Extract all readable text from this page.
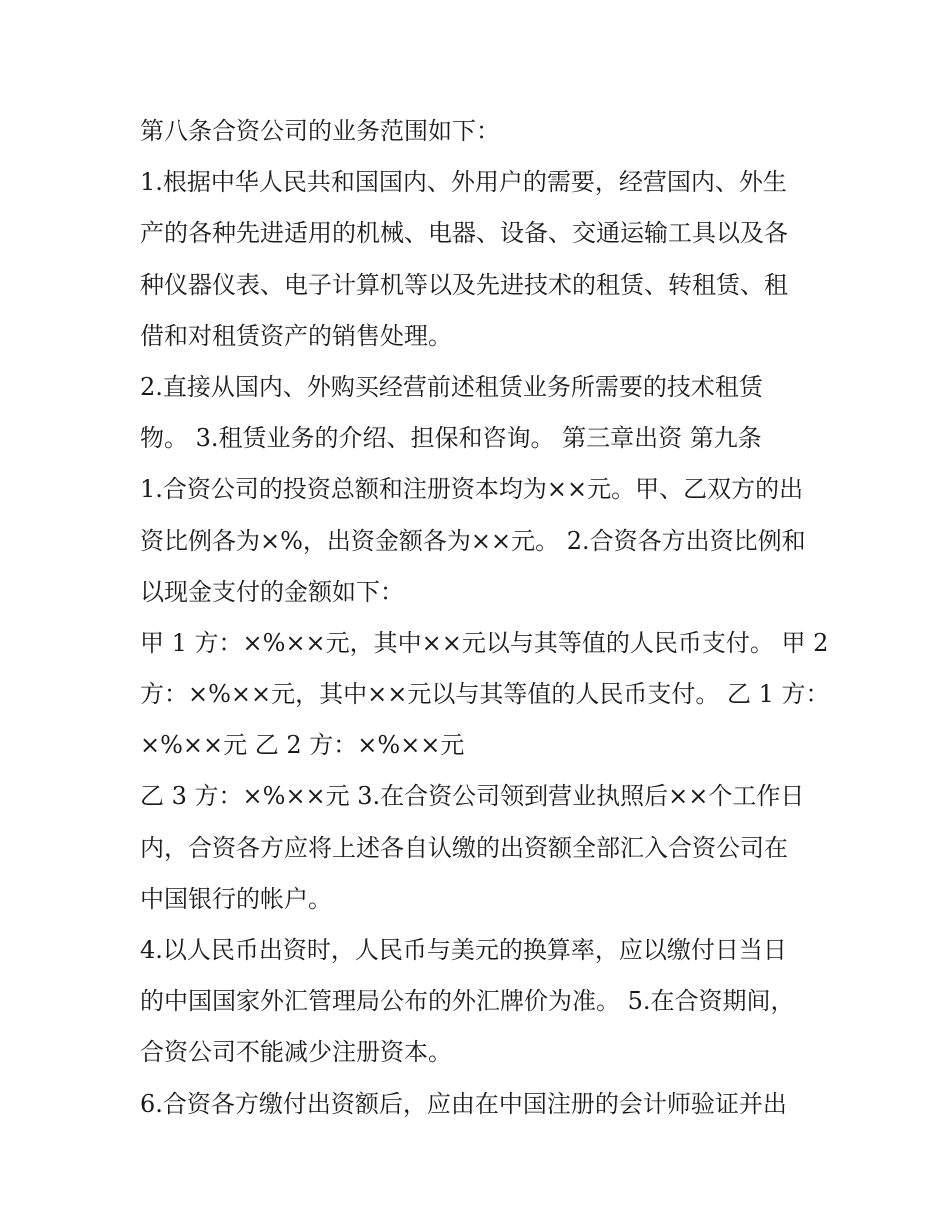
第八条合资公司的业务范围如下：
1.根据中华人民共和国国内、外用户的需要，经营国内、外生
产的各种先进适用的机械、电器、设备、交通运输工具以及各
种仪器仪表、电子计算机等以及先进技术的租赁、转租赁、租
借和对租赁资产的销售处理。
2.直接从国内、外购买经营前述租赁业务所需要的技术租赁
物。 3.租赁业务的介绍、担保和咨询。 第三章出资 第九条
1.合资公司的投资总额和注册资本均为××元。甲、乙双方的出
资比例各为×%，出资金额各为××元。 2.合资各方出资比例和
以现金支付的金额如下：
甲 1 方：×%××元，其中××元以与其等值的人民币支付。 甲 2
方：×%××元，其中××元以与其等值的人民币支付。 乙 1 方：
×%××元 乙 2 方：×%××元
乙 3 方：×%××元 3.在合资公司领到营业执照后××个工作日
内，合资各方应将上述各自认缴的出资额全部汇入合资公司在
中国银行的帐户。
4.以人民币出资时，人民币与美元的换算率，应以缴付日当日
的中国国家外汇管理局公布的外汇牌价为准。 5.在合资期间，
合资公司不能减少注册资本。
6.合资各方缴付出资额后，应由在中国注册的会计师验证并出
